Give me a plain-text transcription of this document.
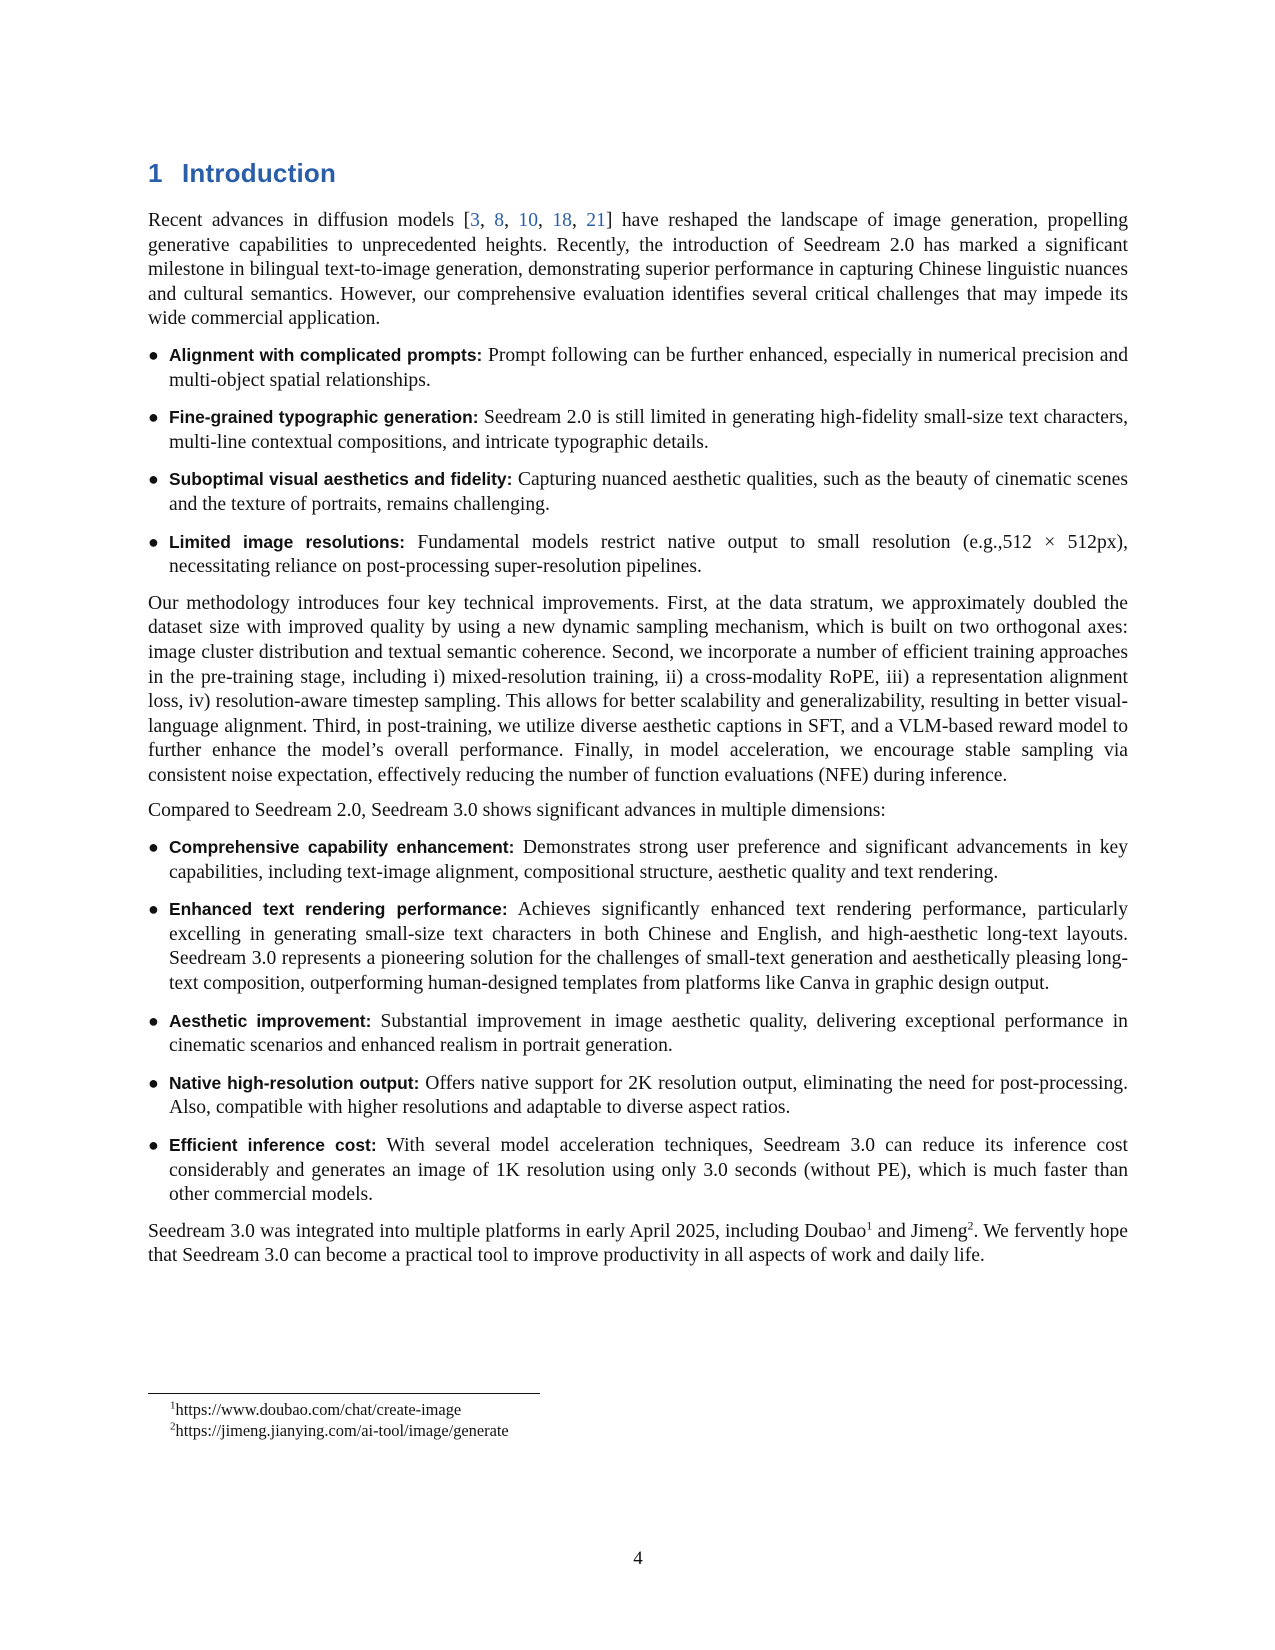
1 Introduction

Recent advances in diffusion models [3, 8, 10, 18, 21] have reshaped the landscape of image generation, propelling generative capabilities to unprecedented heights. Recently, the introduction of Seedream 2.0 has marked a significant milestone in bilingual text-to-image generation, demonstrating superior performance in capturing Chinese linguistic nuances and cultural semantics. However, our comprehensive evaluation identifies several critical challenges that may impede its wide commercial application.

● Alignment with complicated prompts: Prompt following can be further enhanced, especially in numerical precision and multi-object spatial relationships.
● Fine-grained typographic generation: Seedream 2.0 is still limited in generating high-fidelity small-size text characters, multi-line contextual compositions, and intricate typographic details.
● Suboptimal visual aesthetics and fidelity: Capturing nuanced aesthetic qualities, such as the beauty of cinematic scenes and the texture of portraits, remains challenging.
● Limited image resolutions: Fundamental models restrict native output to small resolution (e.g.,512 × 512px), necessitating reliance on post-processing super-resolution pipelines.

Our methodology introduces four key technical improvements. First, at the data stratum, we approximately doubled the dataset size with improved quality by using a new dynamic sampling mechanism, which is built on two orthogonal axes: image cluster distribution and textual semantic coherence. Second, we incorporate a number of efficient training approaches in the pre-training stage, including i) mixed-resolution training, ii) a cross-modality RoPE, iii) a representation alignment loss, iv) resolution-aware timestep sampling. This allows for better scalability and generalizability, resulting in better visual-language alignment. Third, in post-training, we utilize diverse aesthetic captions in SFT, and a VLM-based reward model to further enhance the model’s overall performance. Finally, in model acceleration, we encourage stable sampling via consistent noise expectation, effectively reducing the number of function evaluations (NFE) during inference.

Compared to Seedream 2.0, Seedream 3.0 shows significant advances in multiple dimensions:

● Comprehensive capability enhancement: Demonstrates strong user preference and significant advancements in key capabilities, including text-image alignment, compositional structure, aesthetic quality and text rendering.
● Enhanced text rendering performance: Achieves significantly enhanced text rendering performance, particularly excelling in generating small-size text characters in both Chinese and English, and high-aesthetic long-text layouts. Seedream 3.0 represents a pioneering solution for the challenges of small-text generation and aesthetically pleasing long-text composition, outperforming human-designed templates from platforms like Canva in graphic design output.
● Aesthetic improvement: Substantial improvement in image aesthetic quality, delivering exceptional performance in cinematic scenarios and enhanced realism in portrait generation.
● Native high-resolution output: Offers native support for 2K resolution output, eliminating the need for post-processing. Also, compatible with higher resolutions and adaptable to diverse aspect ratios.
● Efficient inference cost: With several model acceleration techniques, Seedream 3.0 can reduce its inference cost considerably and generates an image of 1K resolution using only 3.0 seconds (without PE), which is much faster than other commercial models.

Seedream 3.0 was integrated into multiple platforms in early April 2025, including Doubao$^1$ and Jimeng$^2$. We fervently hope that Seedream 3.0 can become a practical tool to improve productivity in all aspects of work and daily life.

$^1$https://www.doubao.com/chat/create-image
$^2$https://jimeng.jianying.com/ai-tool/image/generate
4
